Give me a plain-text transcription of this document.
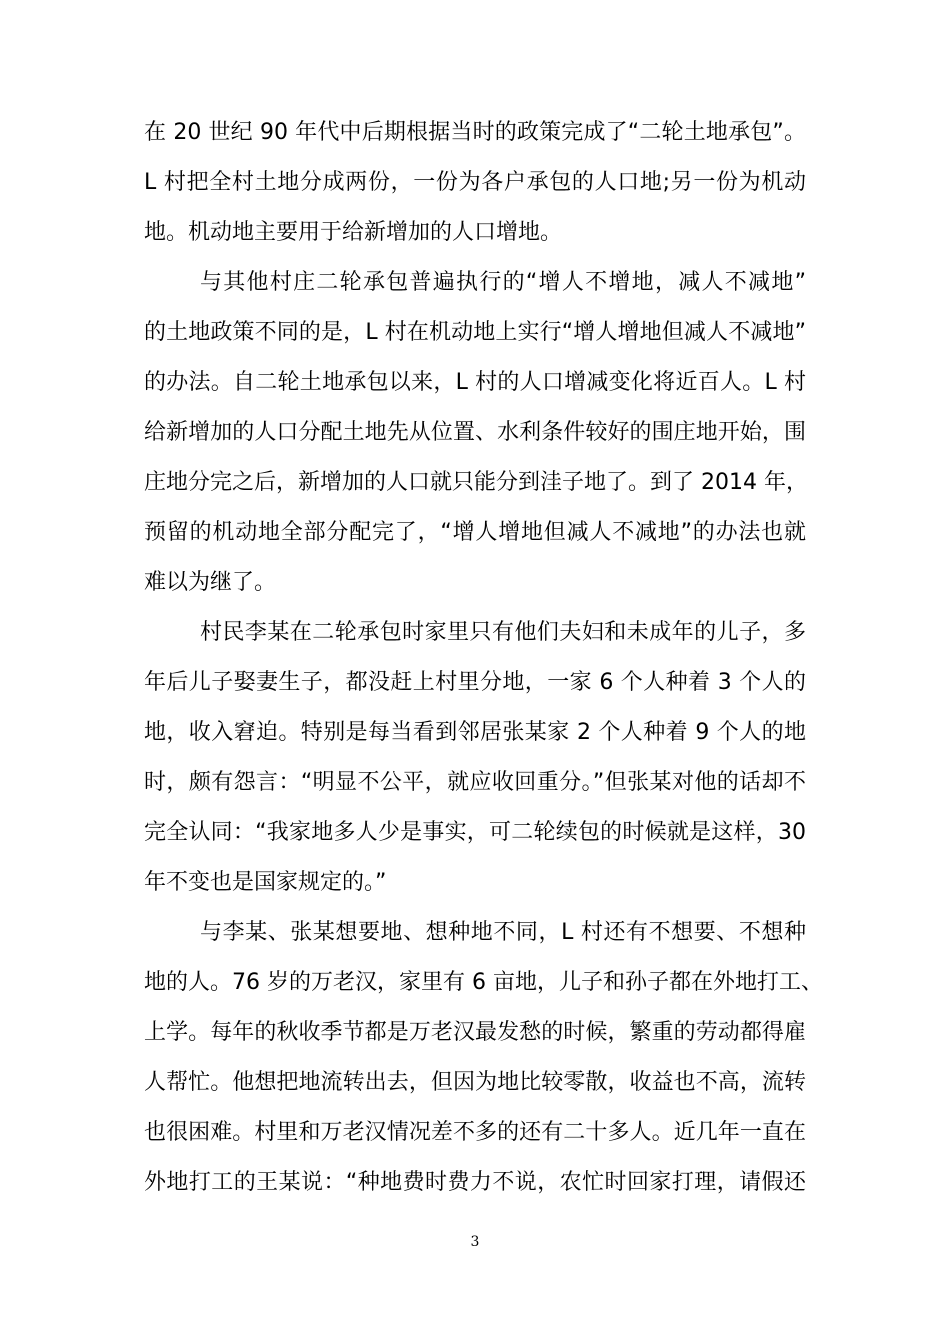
在 20 世纪 90 年代中后期根据当时的政策完成了“二轮土地承包”。
L 村把全村土地分成两份，一份为各户承包的人口地;另一份为机动
地。机动地主要用于给新增加的人口增地。

与其他村庄二轮承包普遍执行的“增人不增地，减人不减地”
的土地政策不同的是，L 村在机动地上实行“增人增地但减人不减地”
的办法。自二轮土地承包以来，L 村的人口增减变化将近百人。L 村
给新增加的人口分配土地先从位置、水利条件较好的围庄地开始，围
庄地分完之后，新增加的人口就只能分到洼子地了。到了 2014 年，
预留的机动地全部分配完了，“增人增地但减人不减地”的办法也就
难以为继了。

村民李某在二轮承包时家里只有他们夫妇和未成年的儿子，多
年后儿子娶妻生子，都没赶上村里分地，一家 6 个人种着 3 个人的
地，收入窘迫。特别是每当看到邻居张某家 2 个人种着 9 个人的地
时，颇有怨言：“明显不公平，就应收回重分。”但张某对他的话却不
完全认同：“我家地多人少是事实，可二轮续包的时候就是这样，30
年不变也是国家规定的。”

与李某、张某想要地、想种地不同，L 村还有不想要、不想种
地的人。76 岁的万老汉，家里有 6 亩地，儿子和孙子都在外地打工、
上学。每年的秋收季节都是万老汉最发愁的时候，繁重的劳动都得雇
人帮忙。他想把地流转出去，但因为地比较零散，收益也不高，流转
也很困难。村里和万老汉情况差不多的还有二十多人。近几年一直在
外地打工的王某说：“种地费时费力不说，农忙时回家打理，请假还

3
